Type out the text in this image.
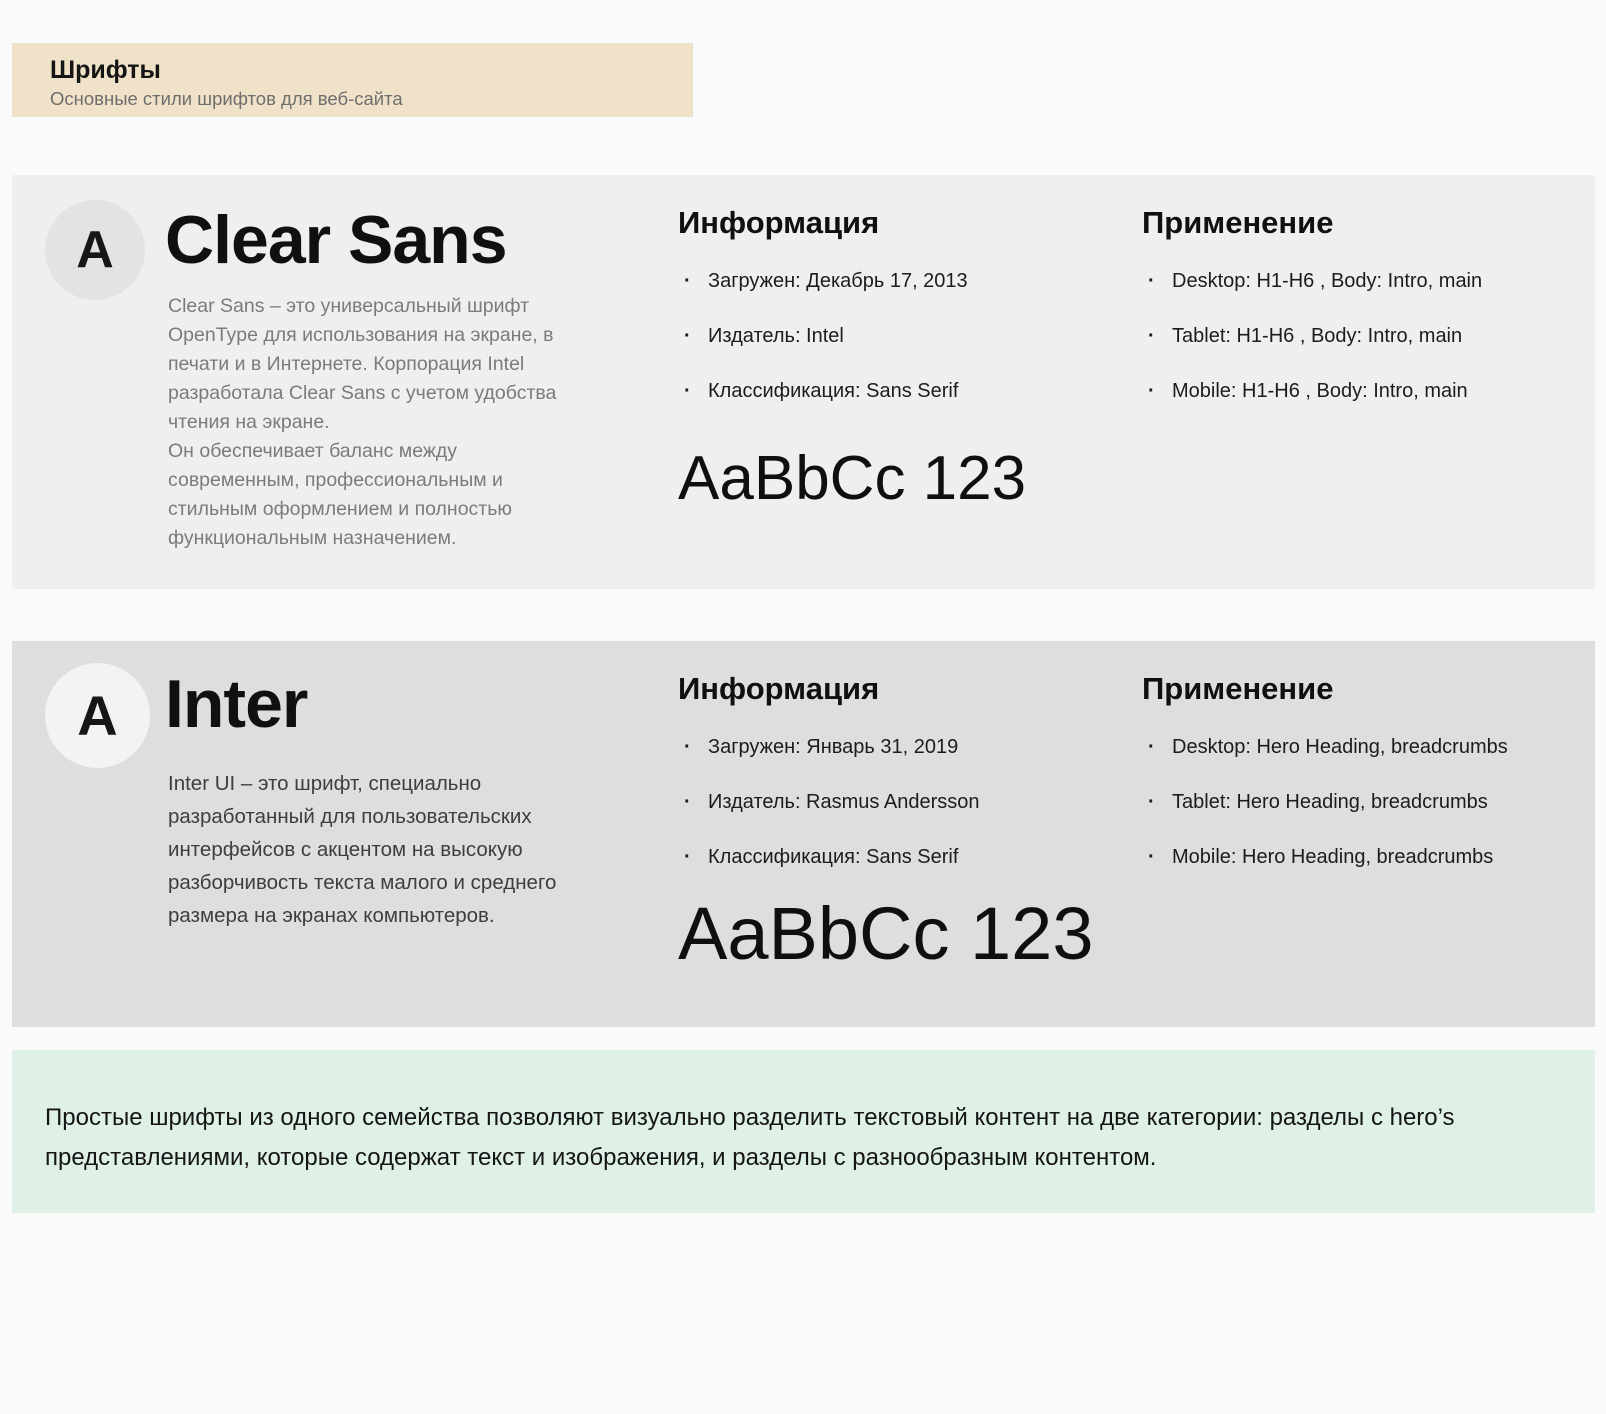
Шрифты

Основные стили шрифтов для веб-сайта

A Clear Sans

Clear Sans – это универсальный шрифт OpenType для использования на экране, в печати и в Интернете. Корпорация Intel разработала Clear Sans с учетом удобства чтения на экране.

Он обеспечивает баланс между современным, профессиональным и стильным оформлением и полностью функциональным назначением.

Информация
· Загружен: Декабрь 17, 2013
· Издатель: Intel
· Классификация: Sans Serif
Применение
· Desktop: H1-H6 , Body: Intro, main
· Tablet: H1-H6 , Body: Intro, main
· Mobile: H1-H6 , Body: Intro, main
AaBbCc 123
A Inter

Inter UI – это шрифт, специально разработанный для пользовательских интерфейсов с акцентом на высокую разборчивость текста малого и среднего размера на экранах компьютеров.

Информация
· Загружен: Январь 31, 2019
· Издатель: Rasmus Andersson
· Классификация: Sans Serif
Применение
· Desktop: Hero Heading, breadcrumbs
· Tablet: Hero Heading, breadcrumbs
· Mobile: Hero Heading, breadcrumbs
AaBbCc 123

Простые шрифты из одного семейства позволяют визуально разделить текстовый контент на две категории: разделы с hero’s представлениями, которые содержат текст и изображения, и разделы с разнообразным контентом.
